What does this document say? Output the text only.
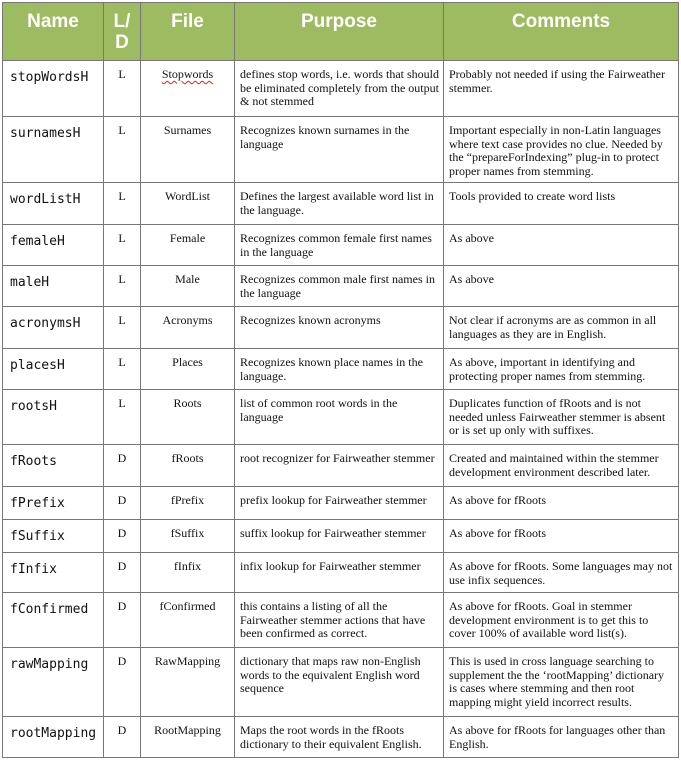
Name	L/D	File	Purpose	Comments
stopWordsH	L	Stopwords	defines stop words, i.e. words that should be eliminated completely from the output & not stemmed	Probably not needed if using the Fairweather stemmer.
surnamesH	L	Surnames	Recognizes known surnames in the language	Important especially in non-Latin languages where text case provides no clue. Needed by the “prepareForIndexing” plug-in to protect proper names from stemming.
wordListH	L	WordList	Defines the largest available word list in the language.	Tools provided to create word lists
femaleH	L	Female	Recognizes common female first names in the language	As above
maleH	L	Male	Recognizes common male first names in the language	As above
acronymsH	L	Acronyms	Recognizes known acronyms	Not clear if acronyms are as common in all languages as they are in English.
placesH	L	Places	Recognizes known place names in the language.	As above, important in identifying and protecting proper names from stemming.
rootsH	L	Roots	list of common root words in the language	Duplicates function of fRoots and is not needed unless Fairweather stemmer is absent or is set up only with suffixes.
fRoots	D	fRoots	root recognizer for Fairweather stemmer	Created and maintained within the stemmer development environment described later.
fPrefix	D	fPrefix	prefix lookup for Fairweather stemmer	As above for fRoots
fSuffix	D	fSuffix	suffix lookup for Fairweather stemmer	As above for fRoots
fInfix	D	fInfix	infix lookup for Fairweather stemmer	As above for fRoots. Some languages may not use infix sequences.
fConfirmed	D	fConfirmed	this contains a listing of all the Fairweather stemmer actions that have been confirmed as correct.	As above for fRoots. Goal in stemmer development environment is to get this to cover 100% of available word list(s).
rawMapping	D	RawMapping	dictionary that maps raw non-English words to the equivalent English word sequence	This is used in cross language searching to supplement the the ‘rootMapping’ dictionary is cases where stemming and then root mapping might yield incorrect results.
rootMapping	D	RootMapping	Maps the root words in the fRoots dictionary to their equivalent English.	As above for fRoots for languages other than English.
